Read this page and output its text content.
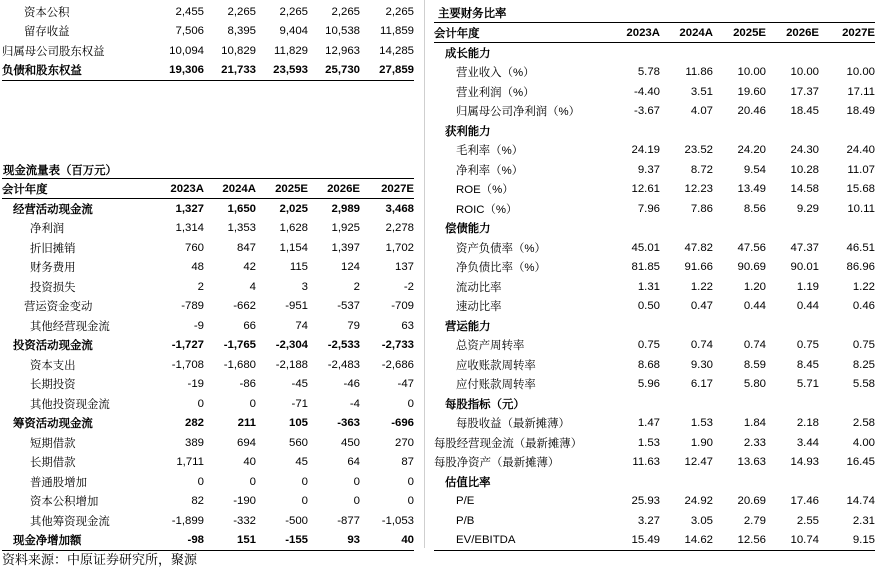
资本公积	2,455	2,265	2,265	2,265	2,265
留存收益	7,506	8,395	9,404	10,538	11,859
归属母公司股东权益	10,094	10,829	11,829	12,963	14,285
负债和股东权益	19,306	21,733	23,593	25,730	27,859
现金流量表（百万元）
会计年度	2023A	2024A	2025E	2026E	2027E
经营活动现金流	1,327	1,650	2,025	2,989	3,468
净利润	1,314	1,353	1,628	1,925	2,278
折旧摊销	760	847	1,154	1,397	1,702
财务费用	48	42	115	124	137
投资损失	2	4	3	2	-2
营运资金变动	-789	-662	-951	-537	-709
其他经营现金流	-9	66	74	79	63
投资活动现金流	-1,727	-1,765	-2,304	-2,533	-2,733
资本支出	-1,708	-1,680	-2,188	-2,483	-2,686
长期投资	-19	-86	-45	-46	-47
其他投资现金流	0	0	-71	-4	0
筹资活动现金流	282	211	105	-363	-696
短期借款	389	694	560	450	270
长期借款	1,711	40	45	64	87
普通股增加	0	0	0	0	0
资本公积增加	82	-190	0	0	0
其他筹资现金流	-1,899	-332	-500	-877	-1,053
现金净增加额	-98	151	-155	93	40
主要财务比率
会计年度	2023A	2024A	2025E	2026E	2027E
成长能力					
营业收入（%）	5.78	11.86	10.00	10.00	10.00
营业利润（%）	-4.40	3.51	19.60	17.37	17.11
归属母公司净利润（%）	-3.67	4.07	20.46	18.45	18.49
获利能力					
毛利率（%）	24.19	23.52	24.20	24.30	24.40
净利率（%）	9.37	8.72	9.54	10.28	11.07
ROE（%）	12.61	12.23	13.49	14.58	15.68
ROIC（%）	7.96	7.86	8.56	9.29	10.11
偿债能力					
资产负债率（%）	45.01	47.82	47.56	47.37	46.51
净负债比率（%）	81.85	91.66	90.69	90.01	86.96
流动比率	1.31	1.22	1.20	1.19	1.22
速动比率	0.50	0.47	0.44	0.44	0.46
营运能力					
总资产周转率	0.75	0.74	0.74	0.75	0.75
应收账款周转率	8.68	9.30	8.59	8.45	8.25
应付账款周转率	5.96	6.17	5.80	5.71	5.58
每股指标（元）					
每股收益（最新摊薄）	1.47	1.53	1.84	2.18	2.58
每股经营现金流（最新摊薄）	1.53	1.90	2.33	3.44	4.00
每股净资产（最新摊薄）	11.63	12.47	13.63	14.93	16.45
估值比率					
P/E	25.93	24.92	20.69	17.46	14.74
P/B	3.27	3.05	2.79	2.55	2.31
EV/EBITDA	15.49	14.62	12.56	10.74	9.15
资料来源：中原证券研究所，聚源
